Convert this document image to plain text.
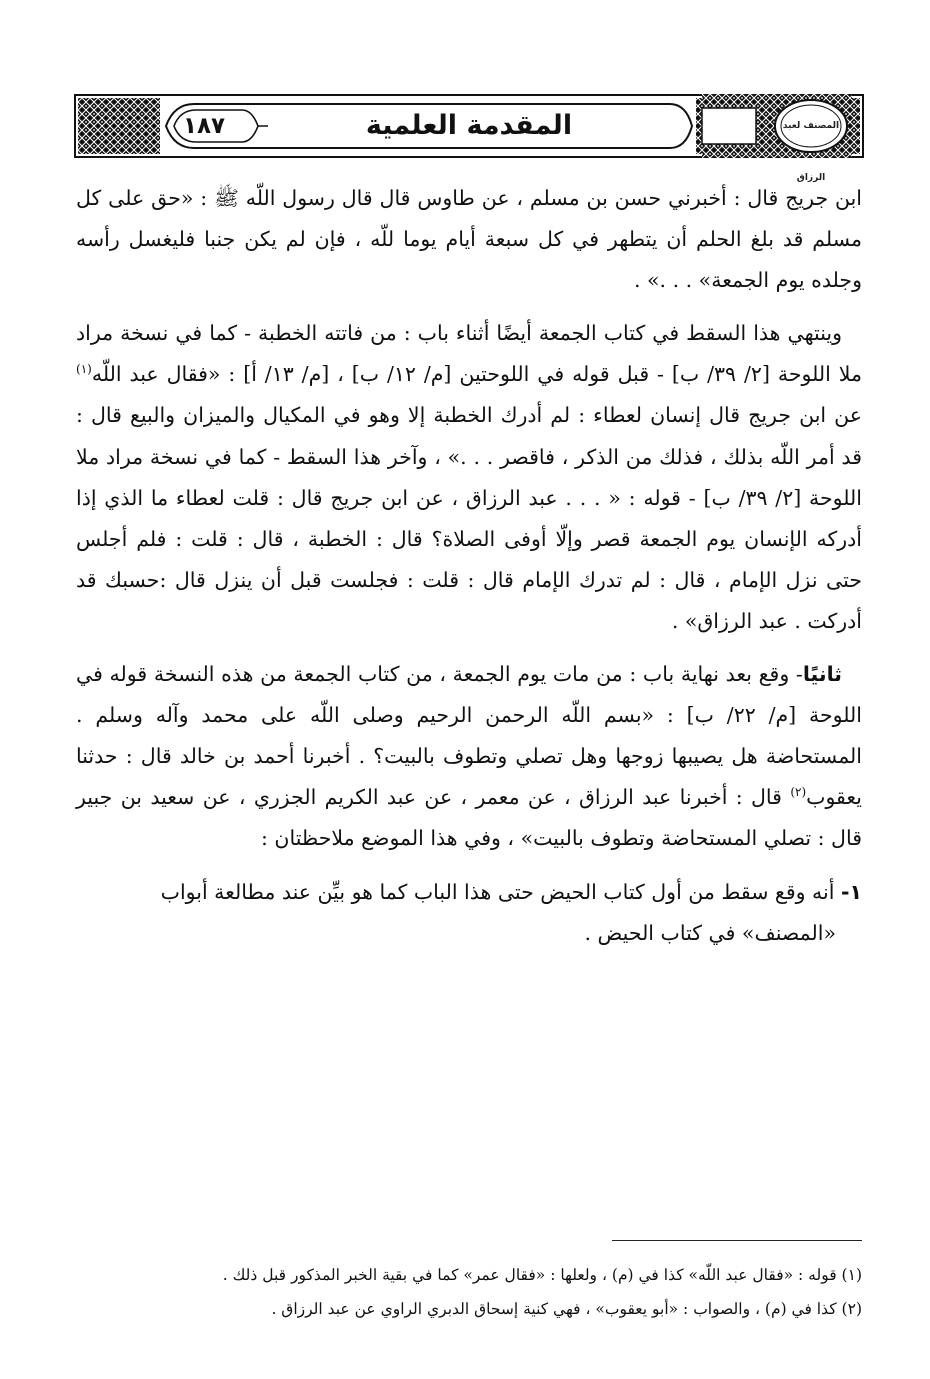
١٨٧	المقدمة العلمية	المصنف لعبد الرزاق

ابن جريج قال : أخبرني حسن بن مسلم ، عن طاوس قال قال رسول اللّه ﷺ : «حق على كل مسلم قد بلغ الحلم أن يتطهر في كل سبعة أيام يوما للّه ، فإن لم يكن جنبا فليغسل رأسه وجلده يوم الجمعة» . . .» .

وينتهي هذا السقط في كتاب الجمعة أيضًا أثناء باب : من فاتته الخطبة - كما في نسخة مراد ملا اللوحة [٢/ ٣٩/ ب] - قبل قوله في اللوحتين [م/ ١٢/ ب] ، [م/ ١٣/ أ] : «فقال عبد اللّه$^{(١)}$ عن ابن جريج قال إنسان لعطاء : لم أدرك الخطبة إلا وهو في المكيال والميزان والبيع قال : قد أمر اللّه بذلك ، فذلك من الذكر ، فاقصر . . .» ، وآخر هذا السقط - كما في نسخة مراد ملا اللوحة [٢/ ٣٩/ ب] - قوله : « . . . عبد الرزاق ، عن ابن جريج قال : قلت لعطاء ما الذي إذا أدركه الإنسان يوم الجمعة قصر وإلّا أوفى الصلاة؟ قال : الخطبة ، قال : قلت : فلم أجلس حتى نزل الإمام ، قال : لم تدرك الإمام قال : قلت : فجلست قبل أن ينزل قال :حسبك قد أدركت . عبد الرزاق» .

ثانيًا- وقع بعد نهاية باب : من مات يوم الجمعة ، من كتاب الجمعة من هذه النسخة قوله في اللوحة [م/ ٢٢/ ب] : «بسم اللّه الرحمن الرحيم وصلى اللّه على محمد وآله وسلم . المستحاضة هل يصيبها زوجها وهل تصلي وتطوف بالبيت؟ . أخبرنا أحمد بن خالد قال : حدثنا يعقوب$^{(٢)}$ قال : أخبرنا عبد الرزاق ، عن معمر ، عن عبد الكريم الجزري ، عن سعيد بن جبير قال : تصلي المستحاضة وتطوف بالبيت» ، وفي هذا الموضع ملاحظتان :

١- أنه وقع سقط من أول كتاب الحيض حتى هذا الباب كما هو بيِّن عند مطالعة أبواب
«المصنف» في كتاب الحيض .

(١) قوله : «فقال عبد اللّه» كذا في (م) ، ولعلها : «فقال عمر» كما في بقية الخبر المذكور قبل ذلك .

(٢) كذا في (م) ، والصواب : «أبو يعقوب» ، فهي كنية إسحاق الدبري الراوي عن عبد الرزاق .
